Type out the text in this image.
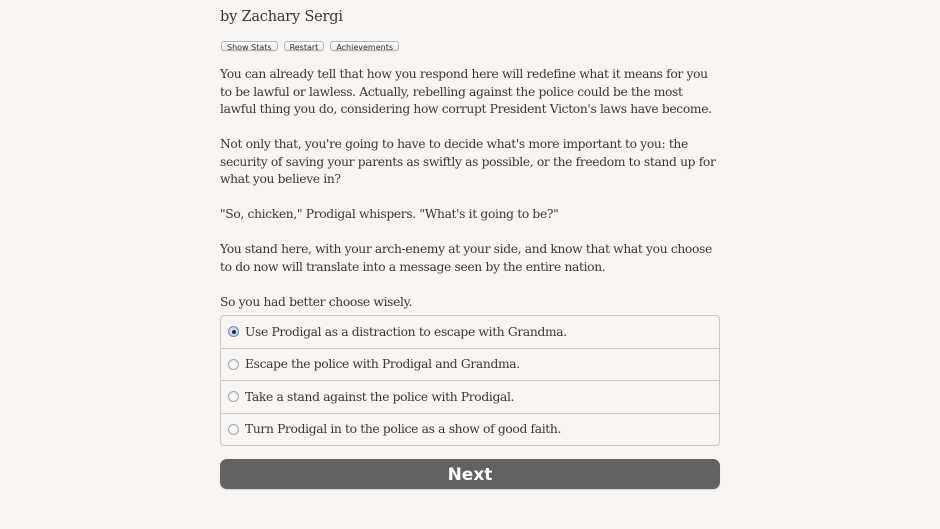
by Zachary Sergi
Show Stats	Restart	Achievements

You can already tell that how you respond here will redefine what it means for you to be lawful or lawless. Actually, rebelling against the police could be the most lawful thing you do, considering how corrupt President Victon's laws have become.

Not only that, you're going to have to decide what's more important to you: the security of saving your parents as swiftly as possible, or the freedom to stand up for what you believe in?

"So, chicken," Prodigal whispers. "What's it going to be?"

You stand here, with your arch-enemy at your side, and know that what you choose to do now will translate into a message seen by the entire nation.

So you had better choose wisely.

Use Prodigal as a distraction to escape with Grandma.
Escape the police with Prodigal and Grandma.
Take a stand against the police with Prodigal.
Turn Prodigal in to the police as a show of good faith.
Next
